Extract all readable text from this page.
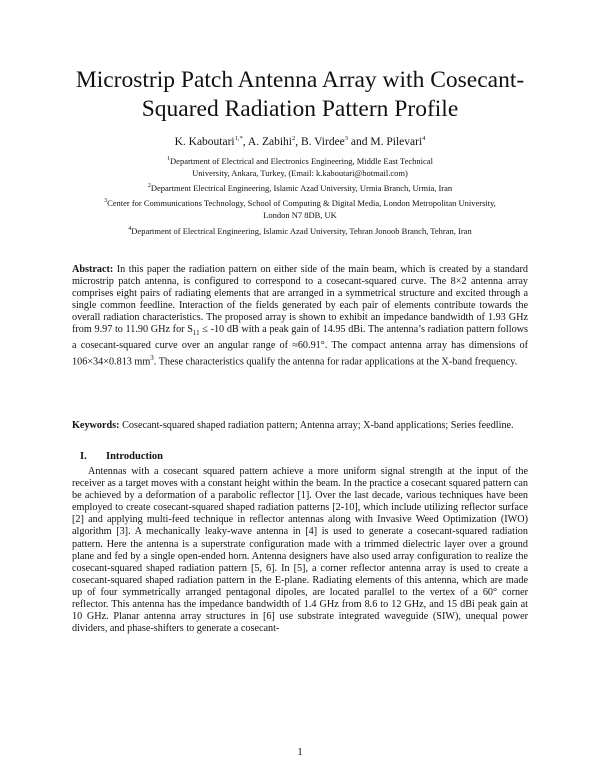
Microstrip Patch Antenna Array with Cosecant-
Squared Radiation Pattern Profile
K. Kaboutari$^{1,*}$, A. Zabihi$^2$, B. Virdee$^3$ and M. Pilevari$^4$
$^1$Department of Electrical and Electronics Engineering, Middle East Technical
University, Ankara, Turkey, (Email: k.kaboutari@hotmail.com)
$^2$Department Electrical Engineering, Islamic Azad University, Urmia Branch, Urmia, Iran
$^3$Center for Communications Technology, School of Computing & Digital Media, London Metropolitan University,
London N7 8DB, UK
$^4$Department of Electrical Engineering, Islamic Azad University, Tehran Jonoob Branch, Tehran, Iran
Abstract: In this paper the radiation pattern on either side of the main beam, which is created by a standard microstrip patch antenna, is configured to correspond to a cosecant-squared curve. The 8×2 antenna array comprises eight pairs of radiating elements that are arranged in a symmetrical structure and excited through a single common feedline. Interaction of the fields generated by each pair of elements contribute towards the overall radiation characteristics. The proposed array is shown to exhibit an impedance bandwidth of 1.93 GHz from 9.97 to 11.90 GHz for $S_{11} \le -10$ dB with a peak gain of 14.95 dBi. The antenna’s radiation pattern follows a cosecant-squared curve over an angular range of ≈60.91°. The compact antenna array has dimensions of 106×34×0.813 $mm^3$. These characteristics qualify the antenna for radar applications at the X-band frequency.
Keywords: Cosecant-squared shaped radiation pattern; Antenna array; X-band applications; Series feedline.
I. Introduction

Antennas with a cosecant squared pattern achieve a more uniform signal strength at the input of the receiver as a target moves with a constant height within the beam. In the practice a cosecant squared pattern can be achieved by a deformation of a parabolic reflector [1]. Over the last decade, various techniques have been employed to create cosecant-squared shaped radiation patterns [2-10], which include utilizing reflector surface [2] and applying multi-feed technique in reflector antennas along with Invasive Weed Optimization (IWO) algorithm [3]. A mechanically leaky-wave antenna in [4] is used to generate a cosecant-squared radiation pattern. Here the antenna is a superstrate configuration made with a trimmed dielectric layer over a ground plane and fed by a single open-ended horn. Antenna designers have also used array configuration to realize the cosecant-squared shaped radiation pattern [5, 6]. In [5], a corner reflector antenna array is used to create a cosecant-squared shaped radiation pattern in the E-plane. Radiating elements of this antenna, which are made up of four symmetrically arranged pentagonal dipoles, are located parallel to the vertex of a 60° corner reflector. This antenna has the impedance bandwidth of 1.4 GHz from 8.6 to 12 GHz, and 15 dBi peak gain at 10 GHz. Planar antenna array structures in [6] use substrate integrated waveguide (SIW), unequal power dividers, and phase-shifters to generate a cosecant-

1
